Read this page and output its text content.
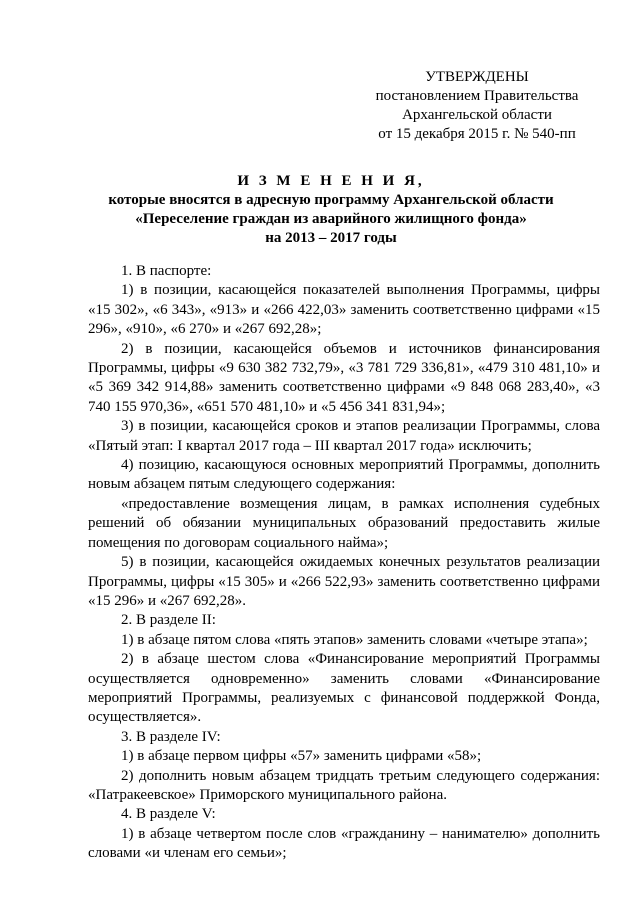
УТВЕРЖДЕНЫ
постановлением Правительства
Архангельской области
от 15 декабря 2015 г. № 540-пп
И З М Е Н Е Н И Я,
которые вносятся в адресную программу Архангельской области
«Переселение граждан из аварийного жилищного фонда»
на 2013 – 2017 годы

1. В паспорте:

1) в позиции, касающейся показателей выполнения Программы, цифры «15 302», «6 343», «913» и «266 422,03» заменить соответственно цифрами «15 296», «910», «6 270» и «267 692,28»;

2) в позиции, касающейся объемов и источников финансирования Программы, цифры «9 630 382 732,79», «3 781 729 336,81», «479 310 481,10» и «5 369 342 914,88» заменить соответственно цифрами «9 848 068 283,40», «3 740 155 970,36», «651 570 481,10» и «5 456 341 831,94»;

3) в позиции, касающейся сроков и этапов реализации Программы, слова «Пятый этап: I квартал 2017 года – III квартал 2017 года» исключить;

4) позицию, касающуюся основных мероприятий Программы, дополнить новым абзацем пятым следующего содержания:

«предоставление возмещения лицам, в рамках исполнения судебных решений об обязании муниципальных образований предоставить жилые помещения по договорам социального найма»;

5) в позиции, касающейся ожидаемых конечных результатов реализации Программы, цифры «15 305» и «266 522,93» заменить соответственно цифрами «15 296» и «267 692,28».

2. В разделе II:

1) в абзаце пятом слова «пять этапов» заменить словами «четыре этапа»;

2) в абзаце шестом слова «Финансирование мероприятий Программы осуществляется одновременно» заменить словами «Финансирование мероприятий Программы, реализуемых с финансовой поддержкой Фонда, осуществляется».

3. В разделе IV:

1) в абзаце первом цифры «57» заменить цифрами «58»;

2) дополнить новым абзацем тридцать третьим следующего содержания: «Патракеевское» Приморского муниципального района.

4. В разделе V:

1) в абзаце четвертом после слов «гражданину – нанимателю» дополнить словами «и членам его семьи»;
